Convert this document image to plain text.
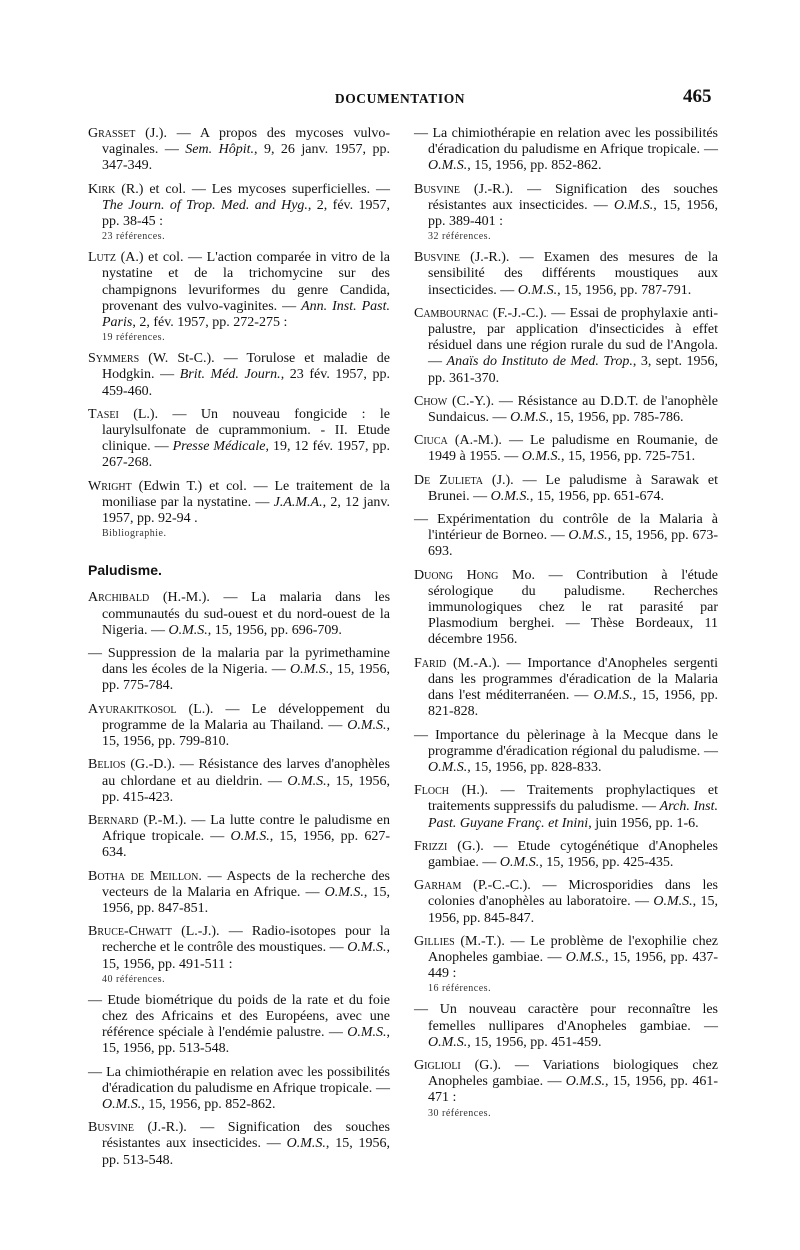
DOCUMENTATION	465

Grasset (J.). — A propos des mycoses vulvo-vaginales. — Sem. Hôpit., 9, 26 janv. 1957, pp. 347-349.

Kirk (R.) et col. — Les mycoses superficielles. — The Journ. of Trop. Med. and Hyg., 2, fév. 1957, pp. 38-45 :
23 références.

Lutz (A.) et col. — L'action comparée in vitro de la nystatine et de la trichomycine sur des champignons levuriformes du genre Candida, provenant des vulvo-vaginites. — Ann. Inst. Past. Paris, 2, fév. 1957, pp. 272-275 :
19 références.

Symmers (W. St-C.). — Torulose et maladie de Hodgkin. — Brit. Méd. Journ., 23 fév. 1957, pp. 459-460.

Tasei (L.). — Un nouveau fongicide : le laurylsulfonate de cuprammonium. - II. Etude clinique. — Presse Médicale, 19, 12 fév. 1957, pp. 267-268.

Wright (Edwin T.) et col. — Le traitement de la moniliase par la nystatine. — J.A.M.A., 2, 12 janv. 1957, pp. 92-94 .
Bibliographie.

Paludisme.

Archibald (H.-M.). — La malaria dans les communautés du sud-ouest et du nord-ouest de la Nigeria. — O.M.S., 15, 1956, pp. 696-709.

— Suppression de la malaria par la pyrimethamine dans les écoles de la Nigeria. — O.M.S., 15, 1956, pp. 775-784.

Ayurakitkosol (L.). — Le développement du programme de la Malaria au Thailand. — O.M.S., 15, 1956, pp. 799-810.

Belios (G.-D.). — Résistance des larves d'anophèles au chlordane et au dieldrin. — O.M.S., 15, 1956, pp. 415-423.

Bernard (P.-M.). — La lutte contre le paludisme en Afrique tropicale. — O.M.S., 15, 1956, pp. 627-634.

Botha de Meillon. — Aspects de la recherche des vecteurs de la Malaria en Afrique. — O.M.S., 15, 1956, pp. 847-851.

Bruce-Chwatt (L.-J.). — Radio-isotopes pour la recherche et le contrôle des moustiques. — O.M.S., 15, 1956, pp. 491-511 :
40 références.

— Etude biométrique du poids de la rate et du foie chez des Africains et des Européens, avec une référence spéciale à l'endémie palustre. — O.M.S., 15, 1956, pp. 513-548.

— La chimiothérapie en relation avec les possibilités d'éradication du paludisme en Afrique tropicale. — O.M.S., 15, 1956, pp. 852-862.

Busvine (J.-R.). — Signification des souches résistantes aux insecticides. — O.M.S., 15, 1956, pp. 513-548.

— La chimiothérapie en relation avec les possibilités d'éradication du paludisme en Afrique tropicale. — O.M.S., 15, 1956, pp. 852-862.

Busvine (J.-R.). — Signification des souches résistantes aux insecticides. — O.M.S., 15, 1956, pp. 389-401 :
32 références.

Busvine (J.-R.). — Examen des mesures de la sensibilité des différents moustiques aux insecticides. — O.M.S., 15, 1956, pp. 787-791.

Cambournac (F.-J.-C.). — Essai de prophylaxie anti-palustre, par application d'insecticides à effet résiduel dans une région rurale du sud de l'Angola. — Anaïs do Instituto de Med. Trop., 3, sept. 1956, pp. 361-370.

Chow (C.-Y.). — Résistance au D.D.T. de l'anophèle Sundaicus. — O.M.S., 15, 1956, pp. 785-786.

Ciuca (A.-M.). — Le paludisme en Roumanie, de 1949 à 1955. — O.M.S., 15, 1956, pp. 725-751.

De Zulieta (J.). — Le paludisme à Sarawak et Brunei. — O.M.S., 15, 1956, pp. 651-674.

— Expérimentation du contrôle de la Malaria à l'intérieur de Borneo. — O.M.S., 15, 1956, pp. 673-693.

Duong Hong Mo. — Contribution à l'étude sérologique du paludisme. Recherches immunologiques chez le rat parasité par Plasmodium berghei. — Thèse Bordeaux, 11 décembre 1956.

Farid (M.-A.). — Importance d'Anopheles sergenti dans les programmes d'éradication de la Malaria dans l'est méditerranéen. — O.M.S., 15, 1956, pp. 821-828.

— Importance du pèlerinage à la Mecque dans le programme d'éradication régional du paludisme. — O.M.S., 15, 1956, pp. 828-833.

Floch (H.). — Traitements prophylactiques et traitements suppressifs du paludisme. — Arch. Inst. Past. Guyane Franç. et Inini, juin 1956, pp. 1-6.

Frizzi (G.). — Etude cytogénétique d'Anopheles gambiae. — O.M.S., 15, 1956, pp. 425-435.

Garham (P.-C.-C.). — Microsporidies dans les colonies d'anophèles au laboratoire. — O.M.S., 15, 1956, pp. 845-847.

Gillies (M.-T.). — Le problème de l'exophilie chez Anopheles gambiae. — O.M.S., 15, 1956, pp. 437-449 :
16 références.

— Un nouveau caractère pour reconnaître les femelles nullipares d'Anopheles gambiae. — O.M.S., 15, 1956, pp. 451-459.

Giglioli (G.). — Variations biologiques chez Anopheles gambiae. — O.M.S., 15, 1956, pp. 461-471 :
30 références.
